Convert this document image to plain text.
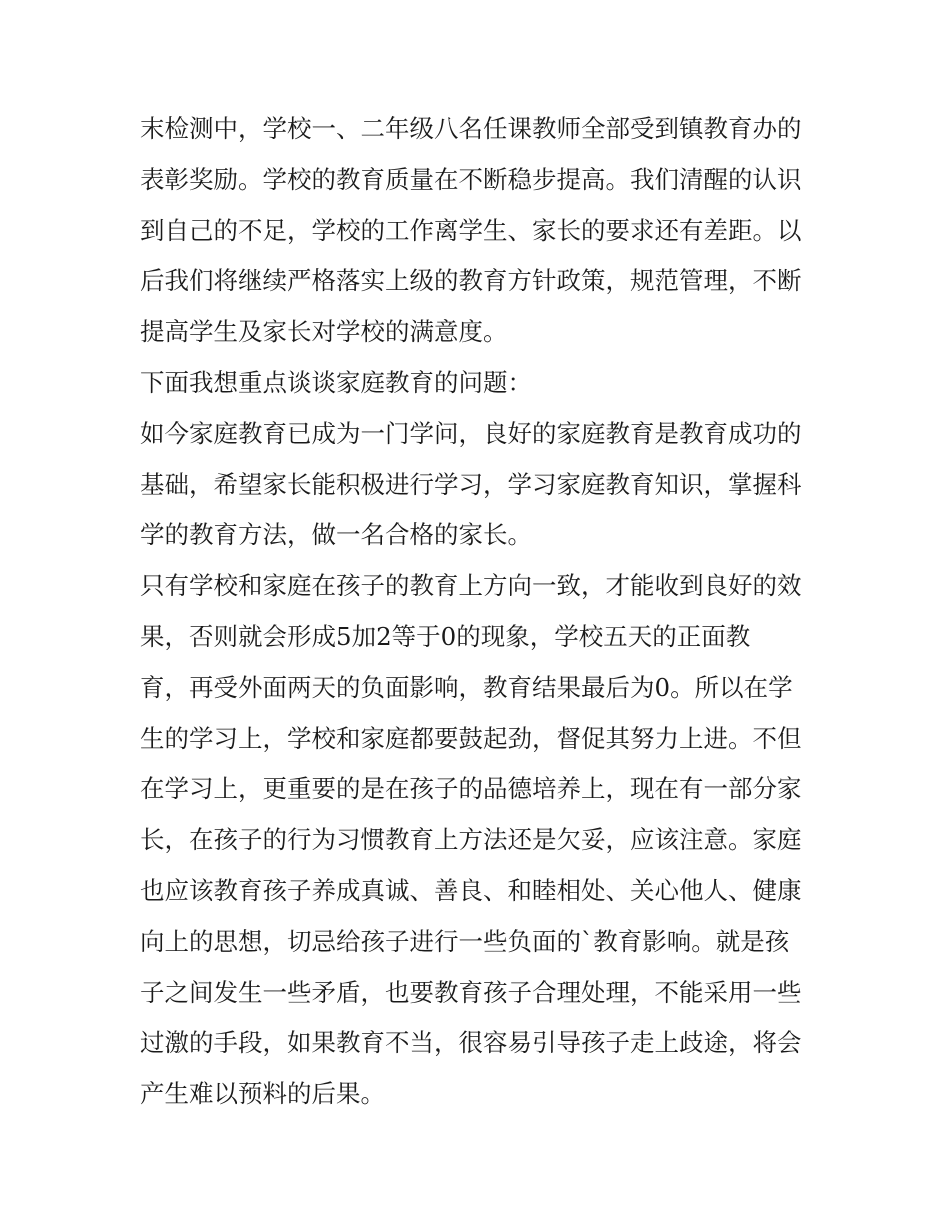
末检测中，学校一、二年级八名任课教师全部受到镇教育办的
表彰奖励。学校的教育质量在不断稳步提高。我们清醒的认识
到自己的不足，学校的工作离学生、家长的要求还有差距。以
后我们将继续严格落实上级的教育方针政策，规范管理，不断
提高学生及家长对学校的满意度。
下面我想重点谈谈家庭教育的问题：
如今家庭教育已成为一门学问，良好的家庭教育是教育成功的
基础，希望家长能积极进行学习，学习家庭教育知识，掌握科
学的教育方法，做一名合格的家长。
只有学校和家庭在孩子的教育上方向一致，才能收到良好的效
果，否则就会形成5加2等于0的现象，学校五天的正面教
育，再受外面两天的负面影响，教育结果最后为0。所以在学
生的学习上，学校和家庭都要鼓起劲，督促其努力上进。不但
在学习上，更重要的是在孩子的品德培养上，现在有一部分家
长，在孩子的行为习惯教育上方法还是欠妥，应该注意。家庭
也应该教育孩子养成真诚、善良、和睦相处、关心他人、健康
向上的思想，切忌给孩子进行一些负面的`教育影响。就是孩
子之间发生一些矛盾，也要教育孩子合理处理，不能采用一些
过激的手段，如果教育不当，很容易引导孩子走上歧途，将会
产生难以预料的后果。
